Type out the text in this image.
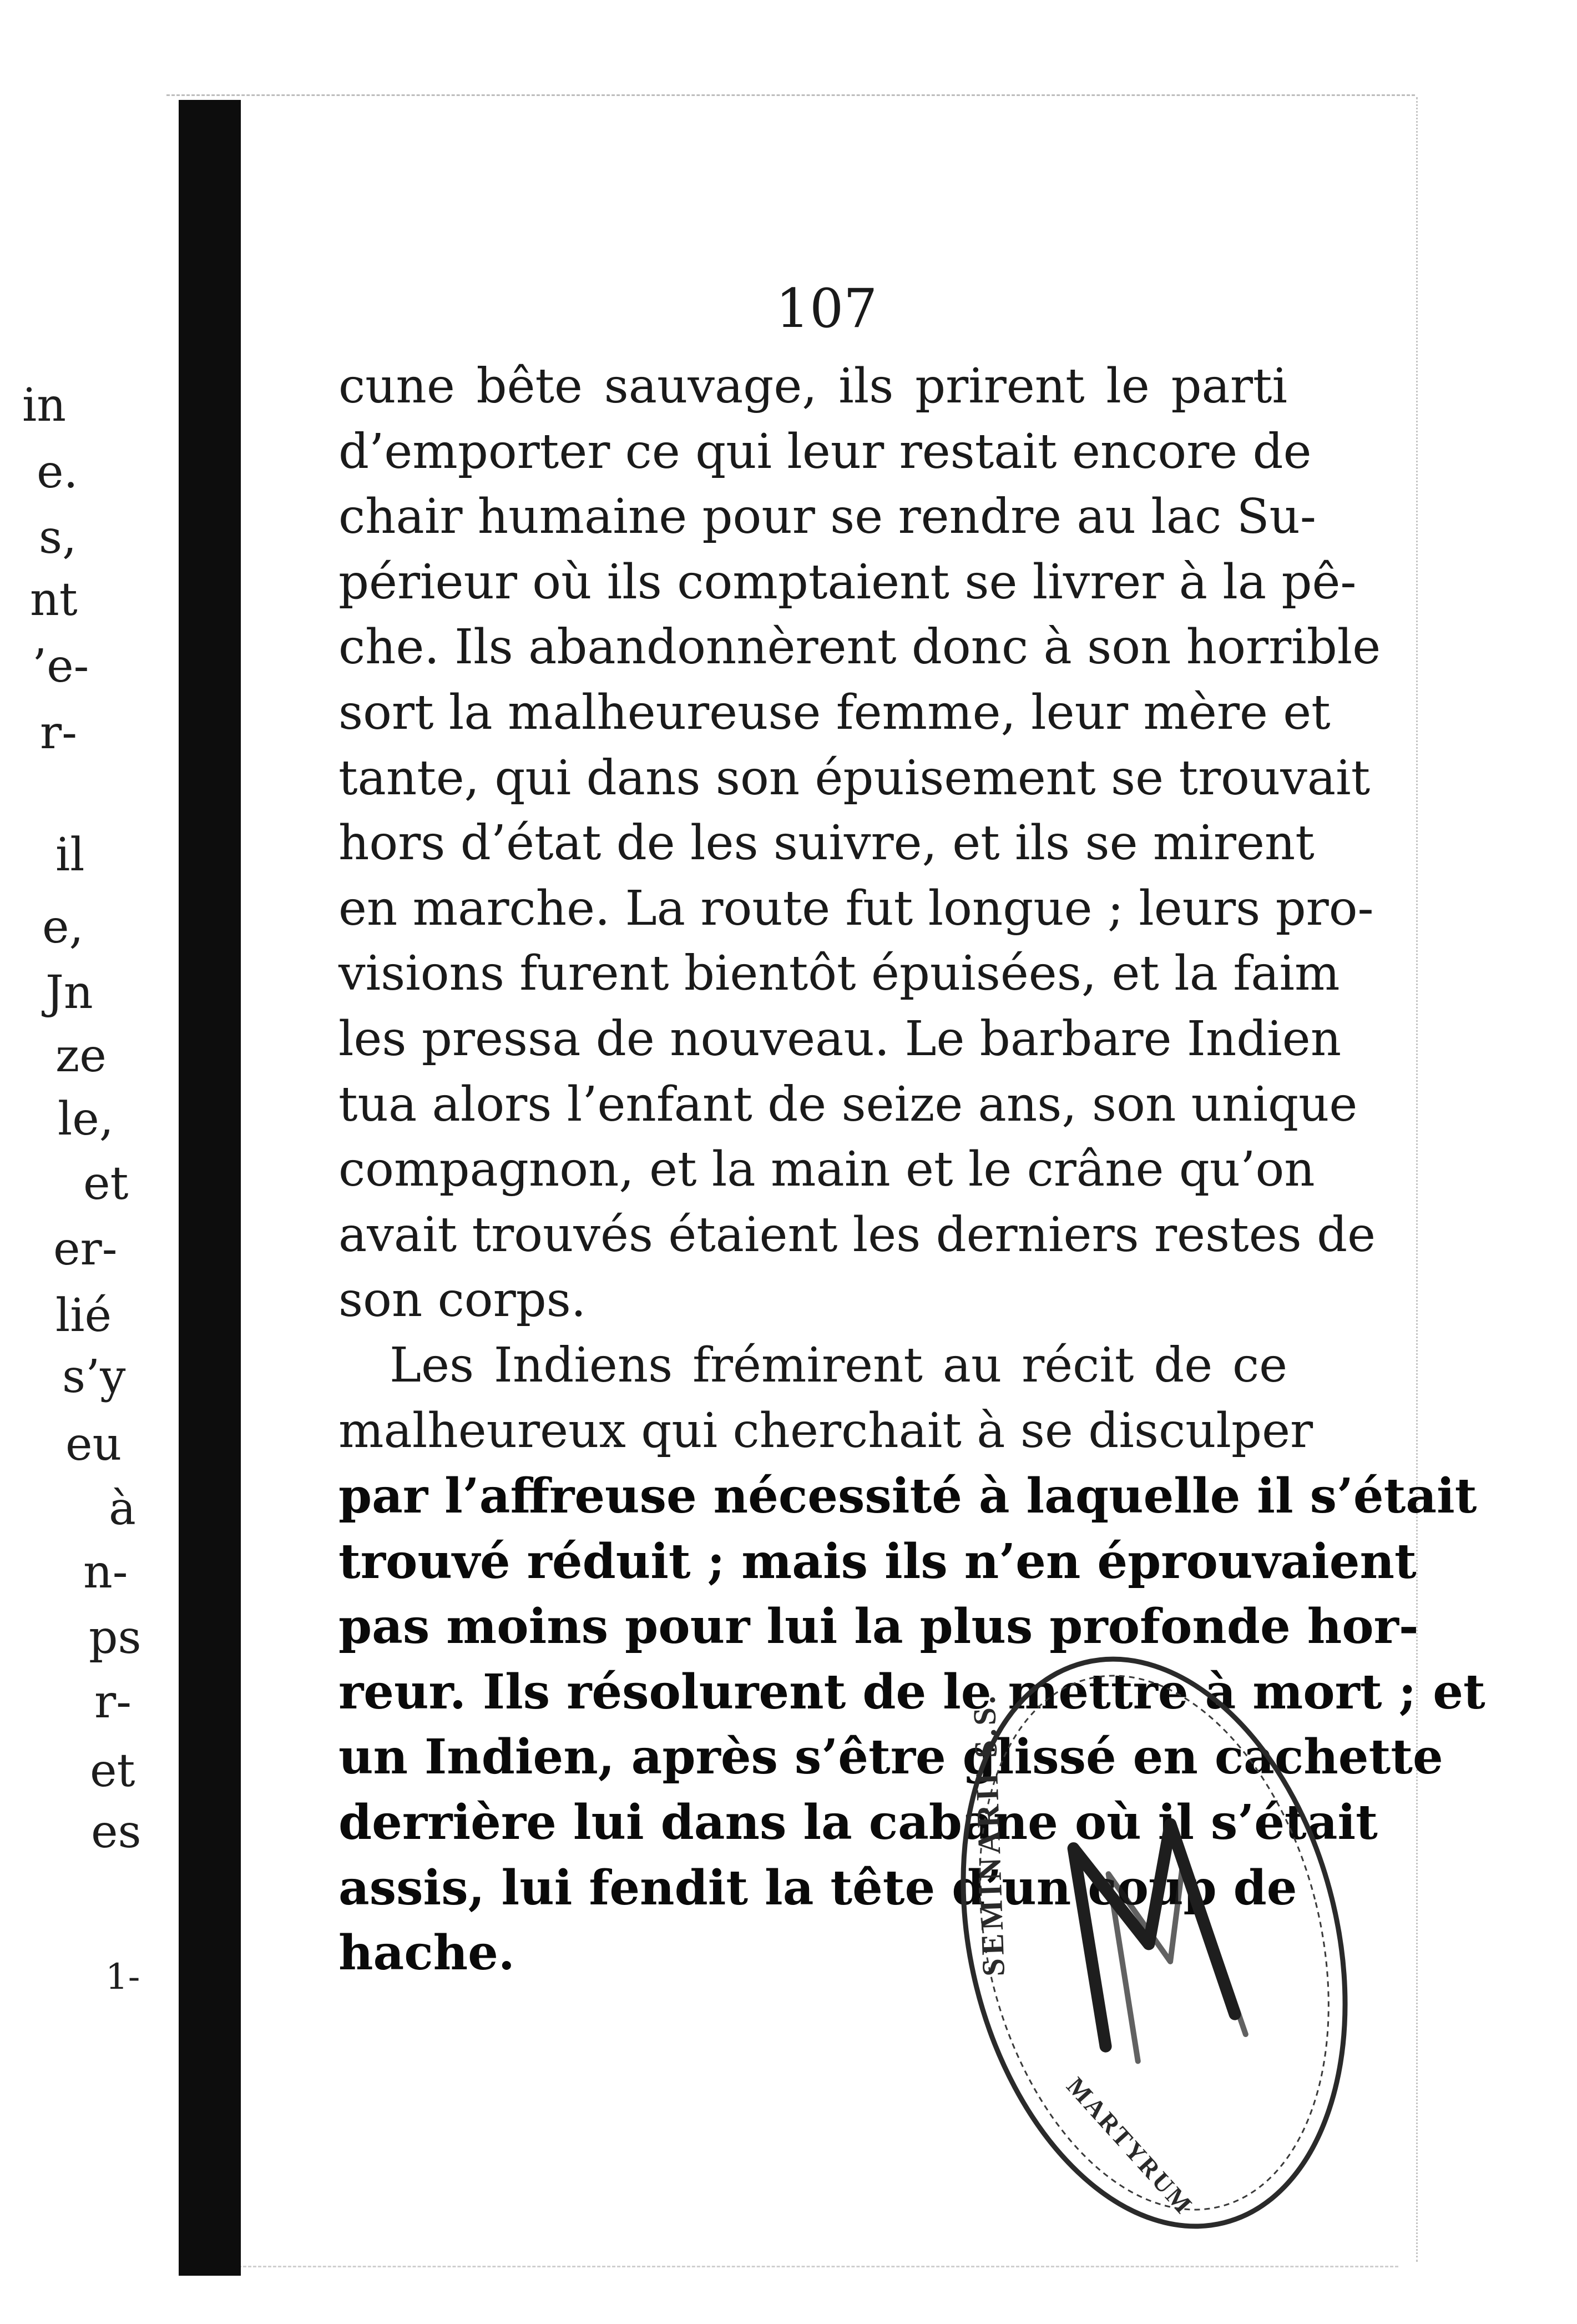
in
e.
s,
nt
’e-
r-
il
e,
Jn
ze
le,
et
er-
lié
s’y
eu
à
n-
ps
r-
et
es
1-
107
cune bête sauvage, ils prirent le parti
d’emporter ce qui leur restait encore de
chair humaine pour se rendre au lac Su-
périeur où ils comptaient se livrer à la pê-
che. Ils abandonnèrent donc à son horrible
sort la malheureuse femme, leur mère et
tante, qui dans son épuisement se trouvait
hors d’état de les suivre, et ils se mirent
en marche. La route fut longue ; leurs pro-
visions furent bientôt épuisées, et la faim
les pressa de nouveau. Le barbare Indien
tua alors l’enfant de seize ans, son unique
compagnon, et la main et le crâne qu’on
avait trouvés étaient les derniers restes de
son corps.
Les Indiens frémirent au récit de ce
malheureux qui cherchait à se disculper
par l’affreuse nécessité à laquelle il s’était
trouvé réduit ; mais ils n’en éprouvaient
pas moins pour lui la plus profonde hor-
reur. Ils résolurent de le mettre à mort ; et
un Indien, après s’être glissé en cachette
derrière lui dans la cabane où il s’était
assis, lui fendit la tête d’un coup de
hache.	SEMINARII S.S.
MARTYRUM
